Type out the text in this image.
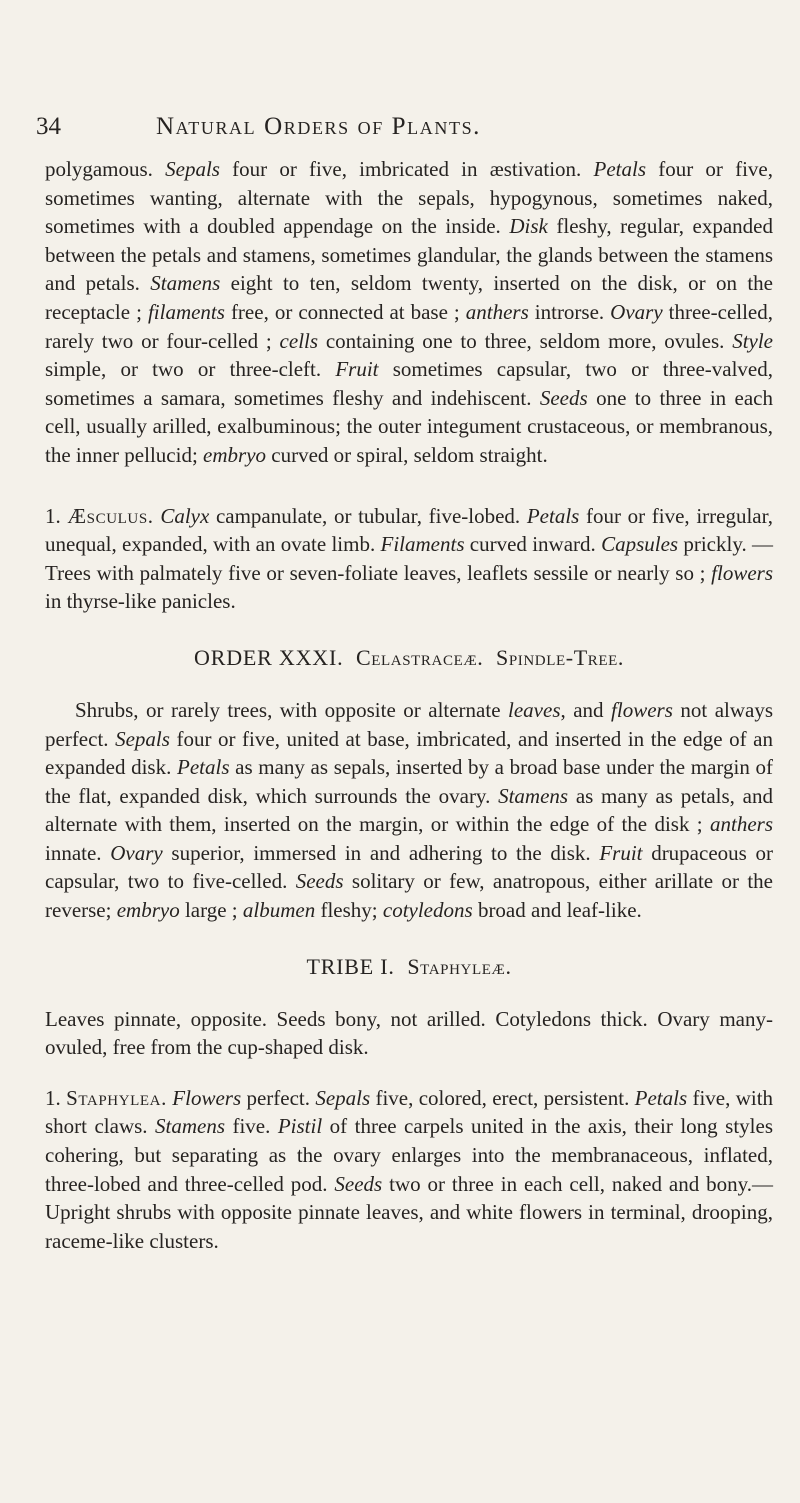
34	Natural Orders of Plants.

polygamous. Sepals four or five, imbricated in æstivation. Petals four or five, sometimes wanting, alternate with the sepals, hypogynous, sometimes naked, sometimes with a doubled appendage on the inside. Disk fleshy, regular, expanded between the petals and stamens, sometimes glandular, the glands between the stamens and petals. Stamens eight to ten, seldom twenty, inserted on the disk, or on the receptacle ; filaments free, or connected at base ; anthers introrse. Ovary three-celled, rarely two or four-celled ; cells containing one to three, seldom more, ovules. Style simple, or two or three-cleft. Fruit sometimes capsular, two or three-valved, sometimes a samara, sometimes fleshy and indehiscent. Seeds one to three in each cell, usually arilled, exalbuminous; the outer integument crustaceous, or membranous, the inner pellucid; embryo curved or spiral, seldom straight.

1. Æsculus. Calyx campanulate, or tubular, five-lobed. Petals four or five, irregular, unequal, expanded, with an ovate limb. Filaments curved inward. Capsules prickly. — Trees with palmately five or seven-foliate leaves, leaflets sessile or nearly so ; flowers in thyrse-like panicles.

ORDER XXXI. Celastraceæ. Spindle-Tree.

Shrubs, or rarely trees, with opposite or alternate leaves, and flowers not always perfect. Sepals four or five, united at base, imbricated, and inserted in the edge of an expanded disk. Petals as many as sepals, inserted by a broad base under the margin of the flat, expanded disk, which surrounds the ovary. Stamens as many as petals, and alternate with them, inserted on the margin, or within the edge of the disk ; anthers innate. Ovary superior, immersed in and adhering to the disk. Fruit drupaceous or capsular, two to five-celled. Seeds solitary or few, anatropous, either arillate or the reverse; embryo large ; albumen fleshy; cotyledons broad and leaf-like.

TRIBE I. Staphyleæ.

Leaves pinnate, opposite. Seeds bony, not arilled. Cotyledons thick. Ovary many-ovuled, free from the cup-shaped disk.

1. Staphylea. Flowers perfect. Sepals five, colored, erect, persistent. Petals five, with short claws. Stamens five. Pistil of three carpels united in the axis, their long styles cohering, but separating as the ovary enlarges into the membranaceous, inflated, three-lobed and three-celled pod. Seeds two or three in each cell, naked and bony.— Upright shrubs with opposite pinnate leaves, and white flowers in terminal, drooping, raceme-like clusters.
